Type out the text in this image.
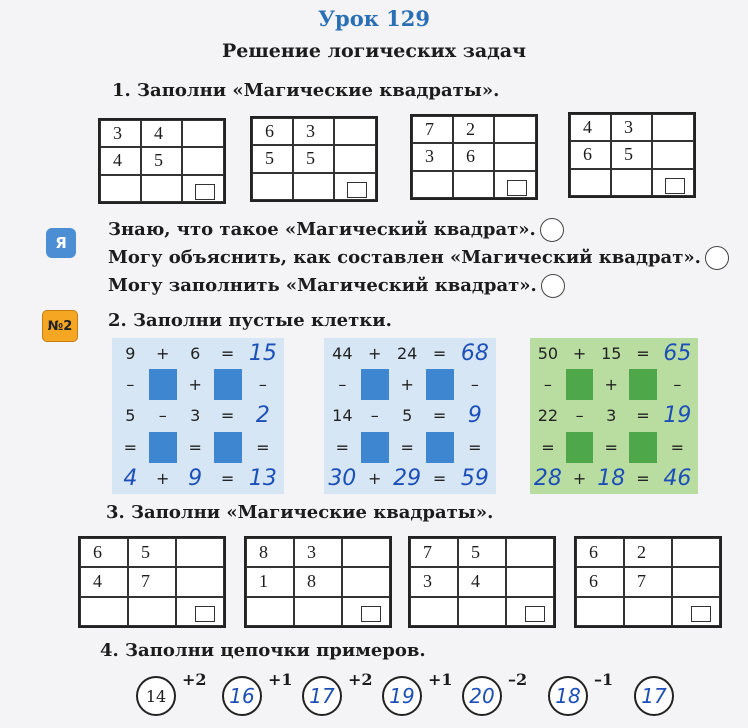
Урок 129
Решение логических задач
1. Заполни «Магические квадраты».
3	4
4	5
6	3
5	5
7	2
3	6
4	3
6	5
Я
Знаю, что такое «Магический квадрат».
Могу объяснить, как составлен «Магический квадрат».
Могу заполнить «Магический квадрат».
№2	2. Заполни пустые клетки.
9 + 6 = 15
–	+	–
5 – 3 = 2
=	=	=
4 + 9 = 13
44 + 24 = 68
–	+	–
14 – 5 = 9
=	=	=
30 + 29 = 59
50 + 15 = 65
–	+	–
22 – 3 = 19
=	=	=
28 + 18 = 46
3. Заполни «Магические квадраты».
6	5
4	7
8	3
1	8
7	5
3	4
6	2
6	7
4. Заполни цепочки примеров.
14
+2
16
+1
17
+2
19
+1
20
–2
18
–1
17
